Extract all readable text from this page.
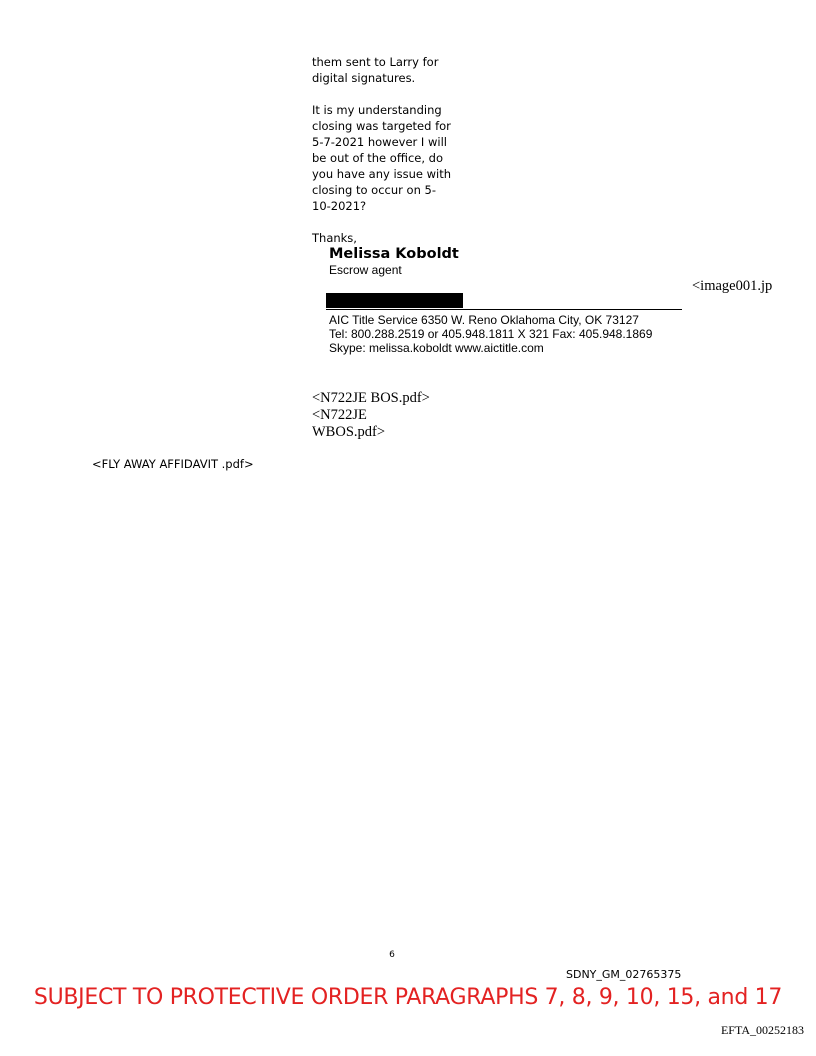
them sent to Larry for
digital signatures.

It is my understanding
closing was targeted for
5-7-2021 however I will
be out of the office, do
you have any issue with
closing to occur on 5-
10-2021?

Thanks,

Melissa Koboldt
Escrow agent
AIC Title Service 6350 W. Reno Oklahoma City, OK 73127
Tel: 800.288.2519 or 405.948.1811 X 321 Fax: 405.948.1869
Skype: melissa.koboldt www.aictitle.com
<image001.jp
<N722JE BOS.pdf>
<N722JE
WBOS.pdf>
<FLY AWAY AFFIDAVIT .pdf>
6
SDNY_GM_02765375
SUBJECT TO PROTECTIVE ORDER PARAGRAPHS 7, 8, 9, 10, 15, and 17
EFTA_00252183
